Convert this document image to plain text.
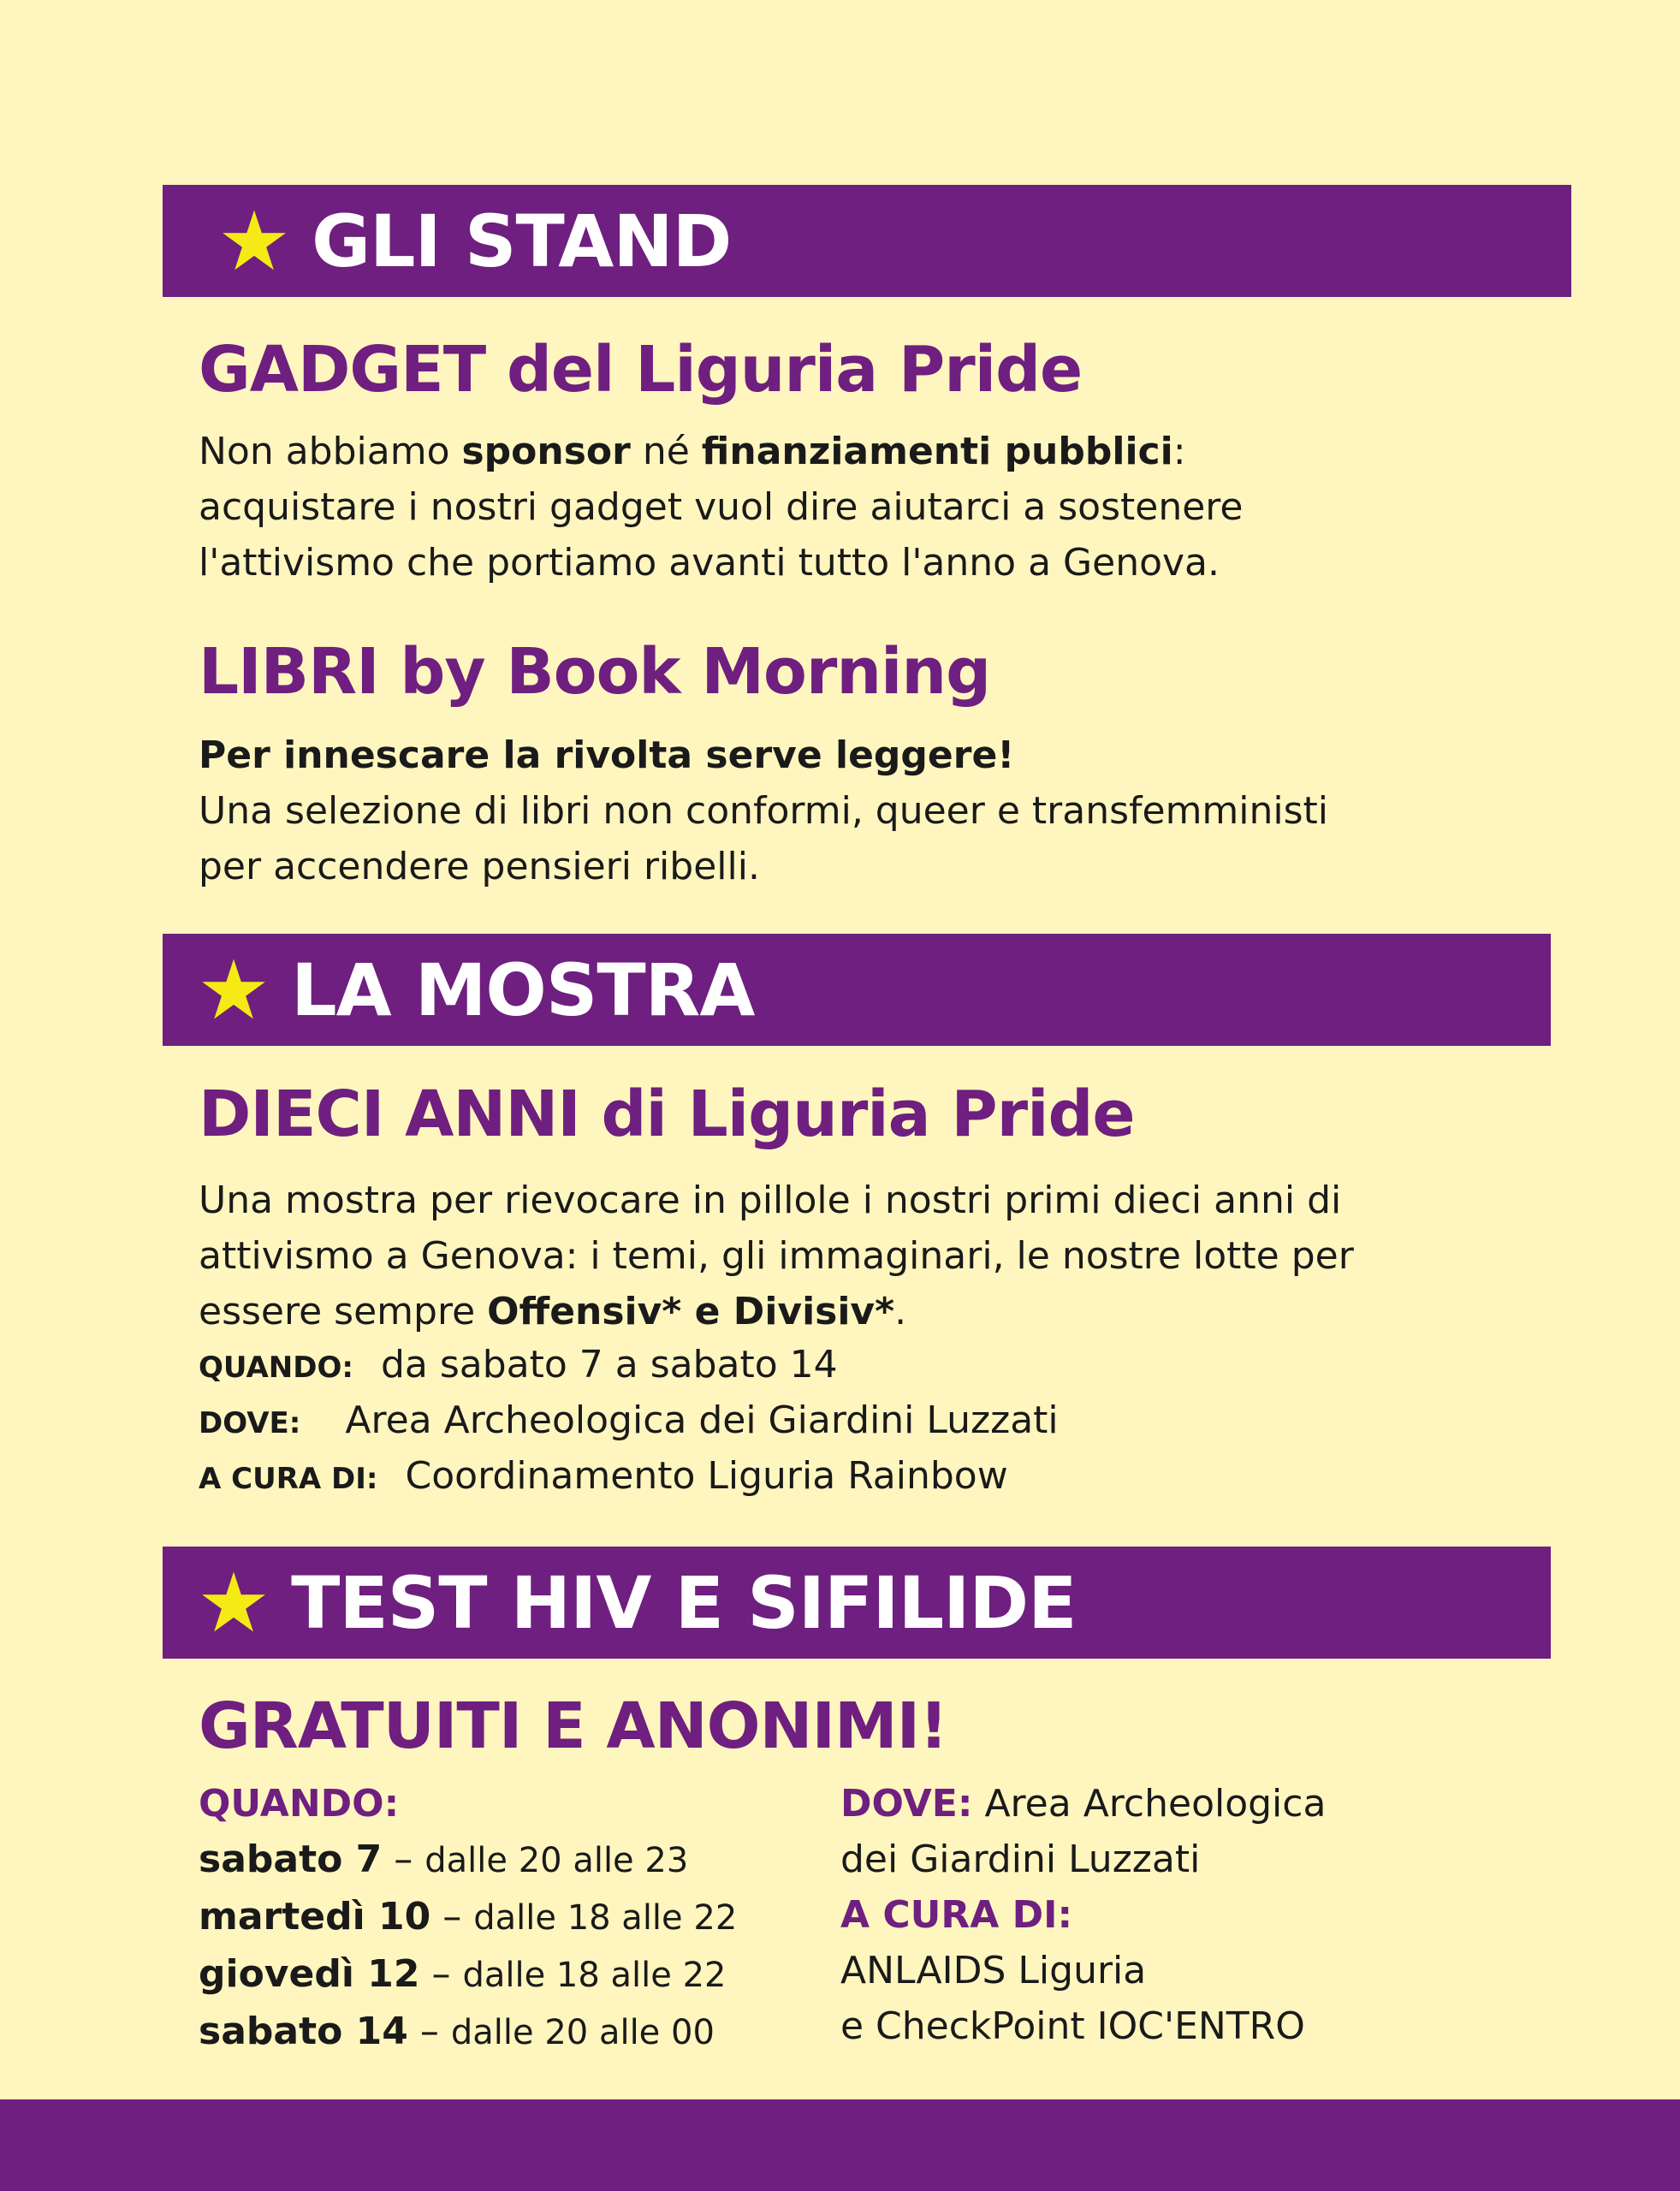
★ GLI STAND
GADGET del Liguria Pride
Non abbiamo sponsor né finanziamenti pubblici:
acquistare i nostri gadget vuol dire aiutarci a sostenere
l'attivismo che portiamo avanti tutto l'anno a Genova.
LIBRI by Book Morning
Per innescare la rivolta serve leggere!
Una selezione di libri non conformi, queer e transfemministi
per accendere pensieri ribelli.
★ LA MOSTRA
DIECI ANNI di Liguria Pride
Una mostra per rievocare in pillole i nostri primi dieci anni di
attivismo a Genova: i temi, gli immaginari, le nostre lotte per
essere sempre Offensiv* e Divisiv*.
QUANDO: da sabato 7 a sabato 14
DOVE: Area Archeologica dei Giardini Luzzati
A CURA DI: Coordinamento Liguria Rainbow
★ TEST HIV E SIFILIDE
GRATUITI E ANONIMI!
QUANDO:
sabato 7 – dalle 20 alle 23
martedì 10 – dalle 18 alle 22
giovedì 12 – dalle 18 alle 22
sabato 14 – dalle 20 alle 00
DOVE: Area Archeologica
dei Giardini Luzzati
A CURA DI:
ANLAIDS Liguria
e CheckPoint IOC'ENTRO
